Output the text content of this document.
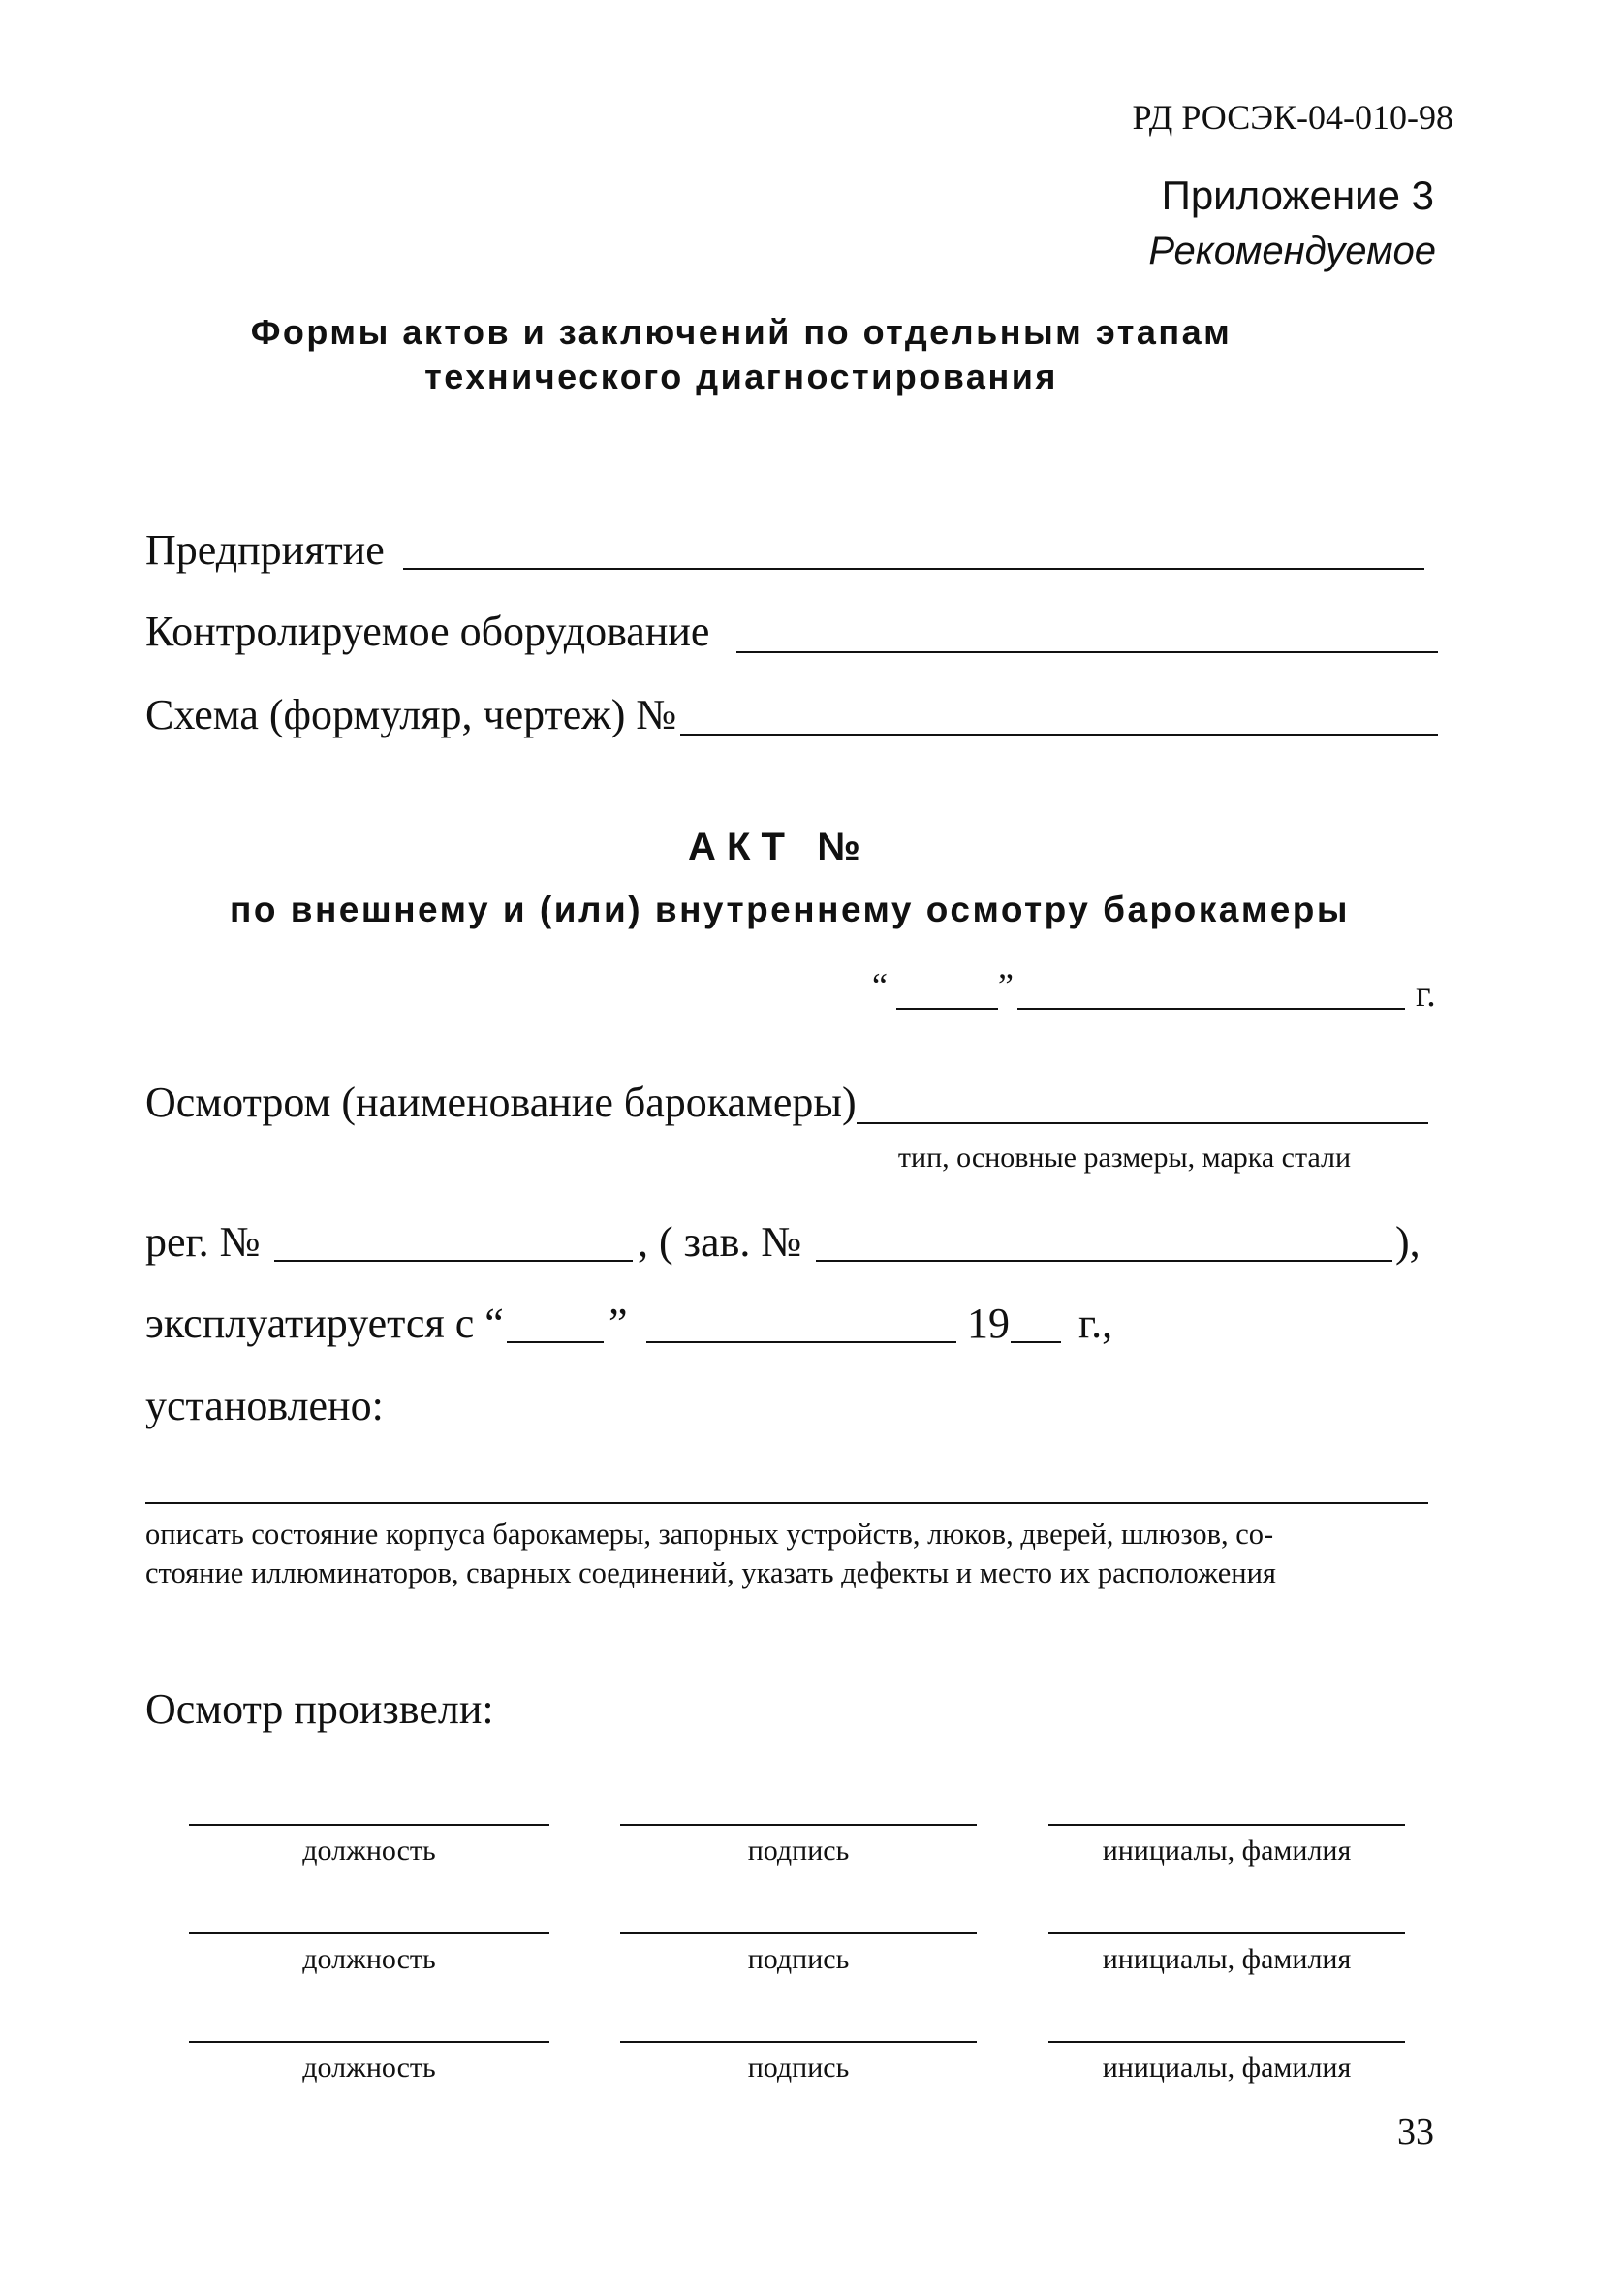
РД РОСЭК-04-010-98
Приложение 3
Рекомендуемое
Формы актов и заключений по отдельным этапам
технического диагностирования
Предприятие
Контролируемое оборудование
Схема (формуляр, чертеж) №
А К Т   №
по внешнему и (или) внутреннему осмотру барокамеры
“	”	г.
Осмотром (наименование барокамеры)
тип, основные размеры, марка стали
рег. №	, ( зав. №	),
эксплуатируется с “ ”	19 г.,
установлено:
описать состояние корпуса барокамеры, запорных устройств, люков, дверей, шлюзов, со-
стояние иллюминаторов, сварных соединений, указать дефекты и место их расположения
Осмотр произвели:
должность	подпись	инициалы, фамилия
должность	подпись	инициалы, фамилия
должность	подпись	инициалы, фамилия
33
